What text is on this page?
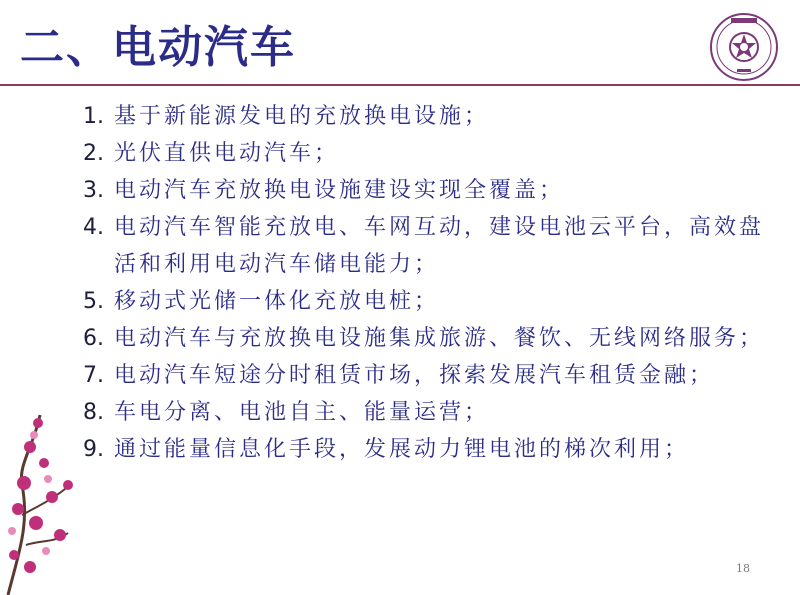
二、电动汽车
1. 基于新能源发电的充放换电设施；
2. 光伏直供电动汽车；
3. 电动汽车充放换电设施建设实现全覆盖；
4. 电动汽车智能充放电、车网互动，建设电池云平台，高效盘活和利用电动汽车储电能力；
5. 移动式光储一体化充放电桩；
6. 电动汽车与充放换电设施集成旅游、餐饮、无线网络服务；
7. 电动汽车短途分时租赁市场，探索发展汽车租赁金融；
8. 车电分离、电池自主、能量运营；
9. 通过能量信息化手段，发展动力锂电池的梯次利用；
18
